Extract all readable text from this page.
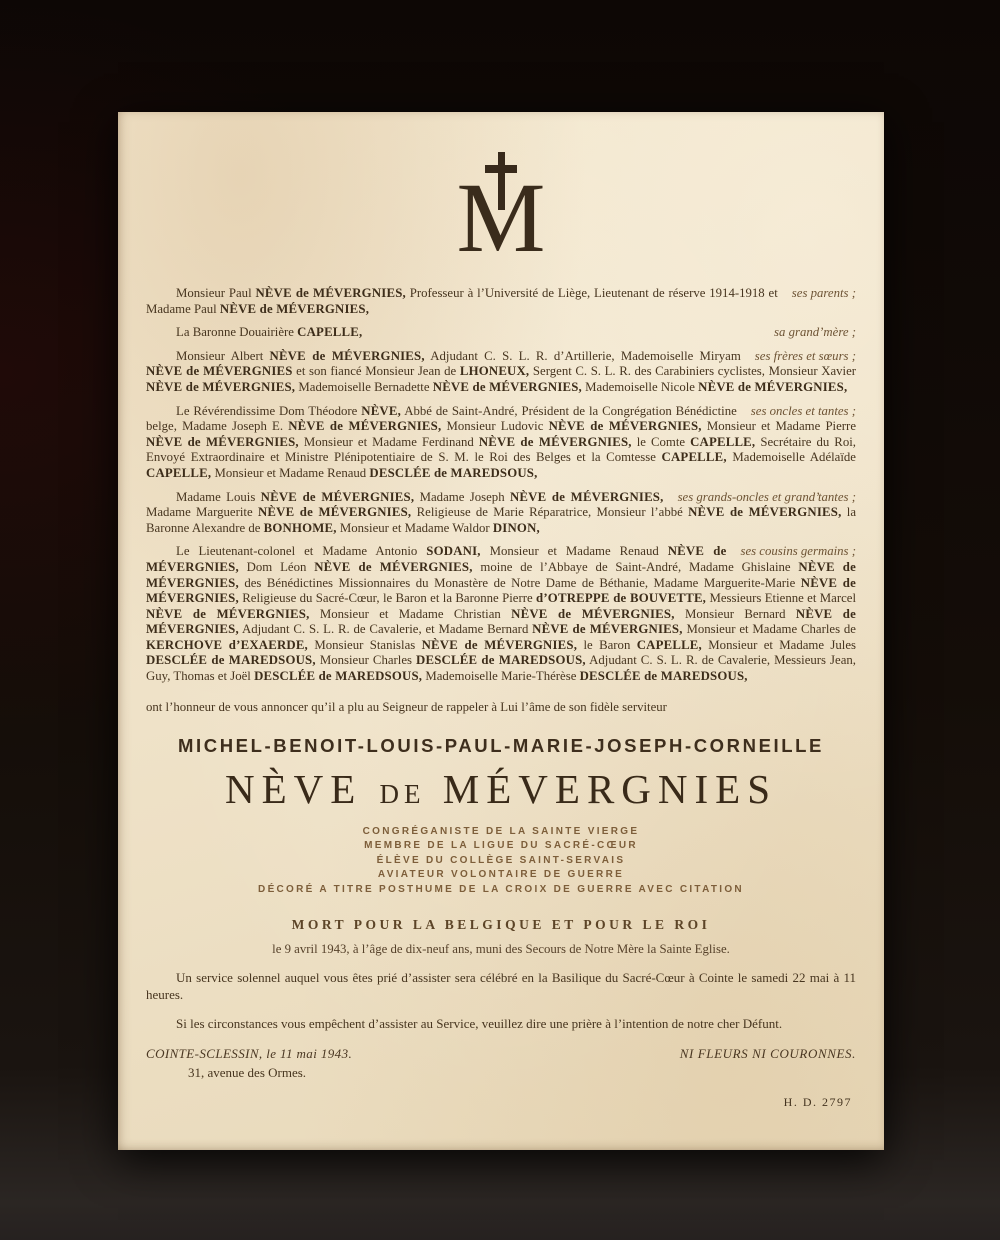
M

ses parents ;
Monsieur Paul NÈVE de MÉVERGNIES, Professeur à l’Université de Liège, Lieutenant de réserve 1914-1918 et Madame Paul NÈVE de MÉVERGNIES,

sa grand’mère ;
La Baronne Douairière CAPELLE,

ses frères et sœurs ;
Monsieur Albert NÈVE de MÉVERGNIES, Adjudant C. S. L. R. d’Artillerie, Mademoiselle Miryam NÈVE de MÉVERGNIES et son fiancé Monsieur Jean de LHONEUX, Sergent C. S. L. R. des Carabiniers cyclistes, Monsieur Xavier NÈVE de MÉVERGNIES, Mademoiselle Bernadette NÈVE de MÉVERGNIES, Mademoiselle Nicole NÈVE de MÉVERGNIES,

ses oncles et tantes ;
Le Révérendissime Dom Théodore NÈVE, Abbé de Saint-André, Président de la Congrégation Bénédictine belge, Madame Joseph E. NÈVE de MÉVERGNIES, Monsieur Ludovic NÈVE de MÉVERGNIES, Monsieur et Madame Pierre NÈVE de MÉVERGNIES, Monsieur et Madame Ferdinand NÈVE de MÉVERGNIES, le Comte CAPELLE, Secrétaire du Roi, Envoyé Extraordinaire et Ministre Plénipotentiaire de S. M. le Roi des Belges et la Comtesse CAPELLE, Mademoiselle Adélaïde CAPELLE, Monsieur et Madame Renaud DESCLÉE de MAREDSOUS,

ses grands-oncles et grand’tantes ;
Madame Louis NÈVE de MÉVERGNIES, Madame Joseph NÈVE de MÉVERGNIES, Madame Marguerite NÈVE de MÉVERGNIES, Religieuse de Marie Réparatrice, Monsieur l’abbé NÈVE de MÉVERGNIES, la Baronne Alexandre de BONHOME, Monsieur et Madame Waldor DINON,

ses cousins germains ;
Le Lieutenant-colonel et Madame Antonio SODANI, Monsieur et Madame Renaud NÈVE de MÉVERGNIES, Dom Léon NÈVE de MÉVERGNIES, moine de l’Abbaye de Saint-André, Madame Ghislaine NÈVE de MÉVERGNIES, des Bénédictines Missionnaires du Monastère de Notre Dame de Béthanie, Madame Marguerite-Marie NÈVE de MÉVERGNIES, Religieuse du Sacré-Cœur, le Baron et la Baronne Pierre d’OTREPPE de BOUVETTE, Messieurs Etienne et Marcel NÈVE de MÉVERGNIES, Monsieur et Madame Christian NÈVE de MÉVERGNIES, Monsieur Bernard NÈVE de MÉVERGNIES, Adjudant C. S. L. R. de Cavalerie, et Madame Bernard NÈVE de MÉVERGNIES, Monsieur et Madame Charles de KERCHOVE d’EXAERDE, Monsieur Stanislas NÈVE de MÉVERGNIES, le Baron CAPELLE, Monsieur et Madame Jules DESCLÉE de MAREDSOUS, Monsieur Charles DESCLÉE de MAREDSOUS, Adjudant C. S. L. R. de Cavalerie, Messieurs Jean, Guy, Thomas et Joël DESCLÉE de MAREDSOUS, Mademoiselle Marie-Thérèse DESCLÉE de MAREDSOUS,

ont l’honneur de vous annoncer qu’il a plu au Seigneur de rappeler à Lui l’âme de son fidèle serviteur

MICHEL-BENOIT-LOUIS-PAUL-MARIE-JOSEPH-CORNEILLE
NÈVE DE MÉVERGNIES
CONGRÉGANISTE DE LA SAINTE VIERGE
MEMBRE DE LA LIGUE DU SACRÉ-CŒUR
ÉLÈVE DU COLLÈGE SAINT-SERVAIS
AVIATEUR VOLONTAIRE DE GUERRE
DÉCORÉ A TITRE POSTHUME DE LA CROIX DE GUERRE AVEC CITATION
MORT POUR LA BELGIQUE ET POUR LE ROI
le 9 avril 1943, à l’âge de dix-neuf ans, muni des Secours de Notre Mère la Sainte Eglise.

Un service solennel auquel vous êtes prié d’assister sera célébré en la Basilique du Sacré-Cœur à Cointe le samedi 22 mai à 11 heures.

Si les circonstances vous empêchent d’assister au Service, veuillez dire une prière à l’intention de notre cher Défunt.

COINTE-SCLESSIN, le 11 mai 1943.	NI FLEURS NI COURONNES.
31, avenue des Ormes.
H. D. 2797
